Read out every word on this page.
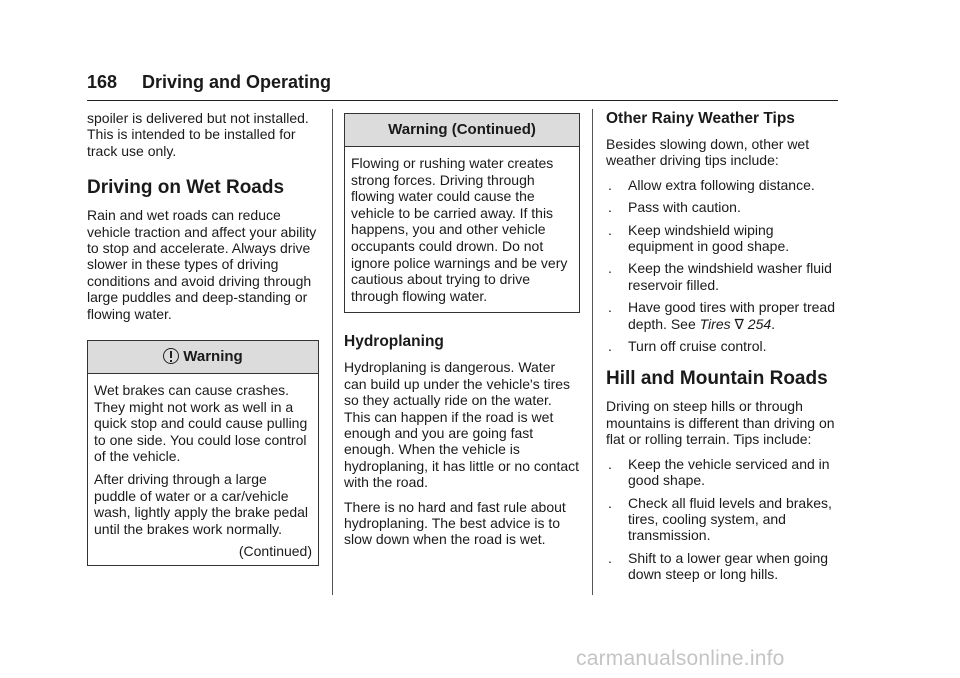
168 Driving and Operating

spoiler is delivered but not installed. This is intended to be installed for track use only.

Driving on Wet Roads

Rain and wet roads can reduce vehicle traction and affect your ability to stop and accelerate. Always drive slower in these types of driving conditions and avoid driving through large puddles and deep-standing or flowing water.

Warning

Wet brakes can cause crashes. They might not work as well in a quick stop and could cause pulling to one side. You could lose control of the vehicle.

After driving through a large puddle of water or a car/vehicle wash, lightly apply the brake pedal until the brakes work normally.

(Continued)
Warning (Continued)

Flowing or rushing water creates strong forces. Driving through flowing water could cause the vehicle to be carried away. If this happens, you and other vehicle occupants could drown. Do not ignore police warnings and be very cautious about trying to drive through flowing water.

Hydroplaning

Hydroplaning is dangerous. Water can build up under the vehicle's tires so they actually ride on the water. This can happen if the road is wet enough and you are going fast enough. When the vehicle is hydroplaning, it has little or no contact with the road.

There is no hard and fast rule about hydroplaning. The best advice is to slow down when the road is wet.

Other Rainy Weather Tips

Besides slowing down, other wet weather driving tips include:

. Allow extra following distance.
. Pass with caution.
. Keep windshield wiping equipment in good shape.
. Keep the windshield washer fluid reservoir filled.
. Have good tires with proper tread depth. See Tires ∇ 254.
. Turn off cruise control.
Hill and Mountain Roads

Driving on steep hills or through mountains is different than driving on flat or rolling terrain. Tips include:

. Keep the vehicle serviced and in good shape.
. Check all fluid levels and brakes, tires, cooling system, and transmission.
. Shift to a lower gear when going down steep or long hills.
carmanualsonline.info
